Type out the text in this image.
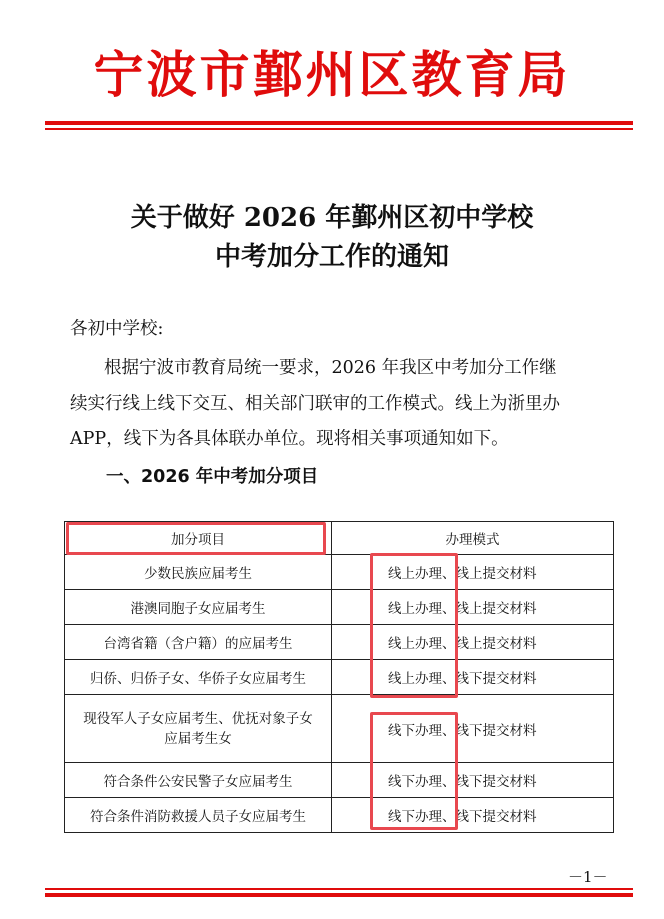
宁波市鄞州区教育局
关于做好 2026 年鄞州区初中学校
中考加分工作的通知
各初中学校:
根据宁波市教育局统一要求，2026 年我区中考加分工作继
续实行线上线下交互、相关部门联审的工作模式。线上为浙里办
APP，线下为各具体联办单位。现将相关事项通知如下。
一、2026 年中考加分项目
加分项目	办理模式
少数民族应届考生	线上办理、线上提交材料
港澳同胞子女应届考生	线上办理、线上提交材料
台湾省籍（含户籍）的应届考生	线上办理、线上提交材料
归侨、归侨子女、华侨子女应届考生	线上办理、线下提交材料
现役军人子女应届考生、优抚对象子女
应届考生女	线下办理、线下提交材料
符合条件公安民警子女应届考生	线下办理、线下提交材料
符合条件消防救援人员子女应届考生	线下办理、线下提交材料
－1－
